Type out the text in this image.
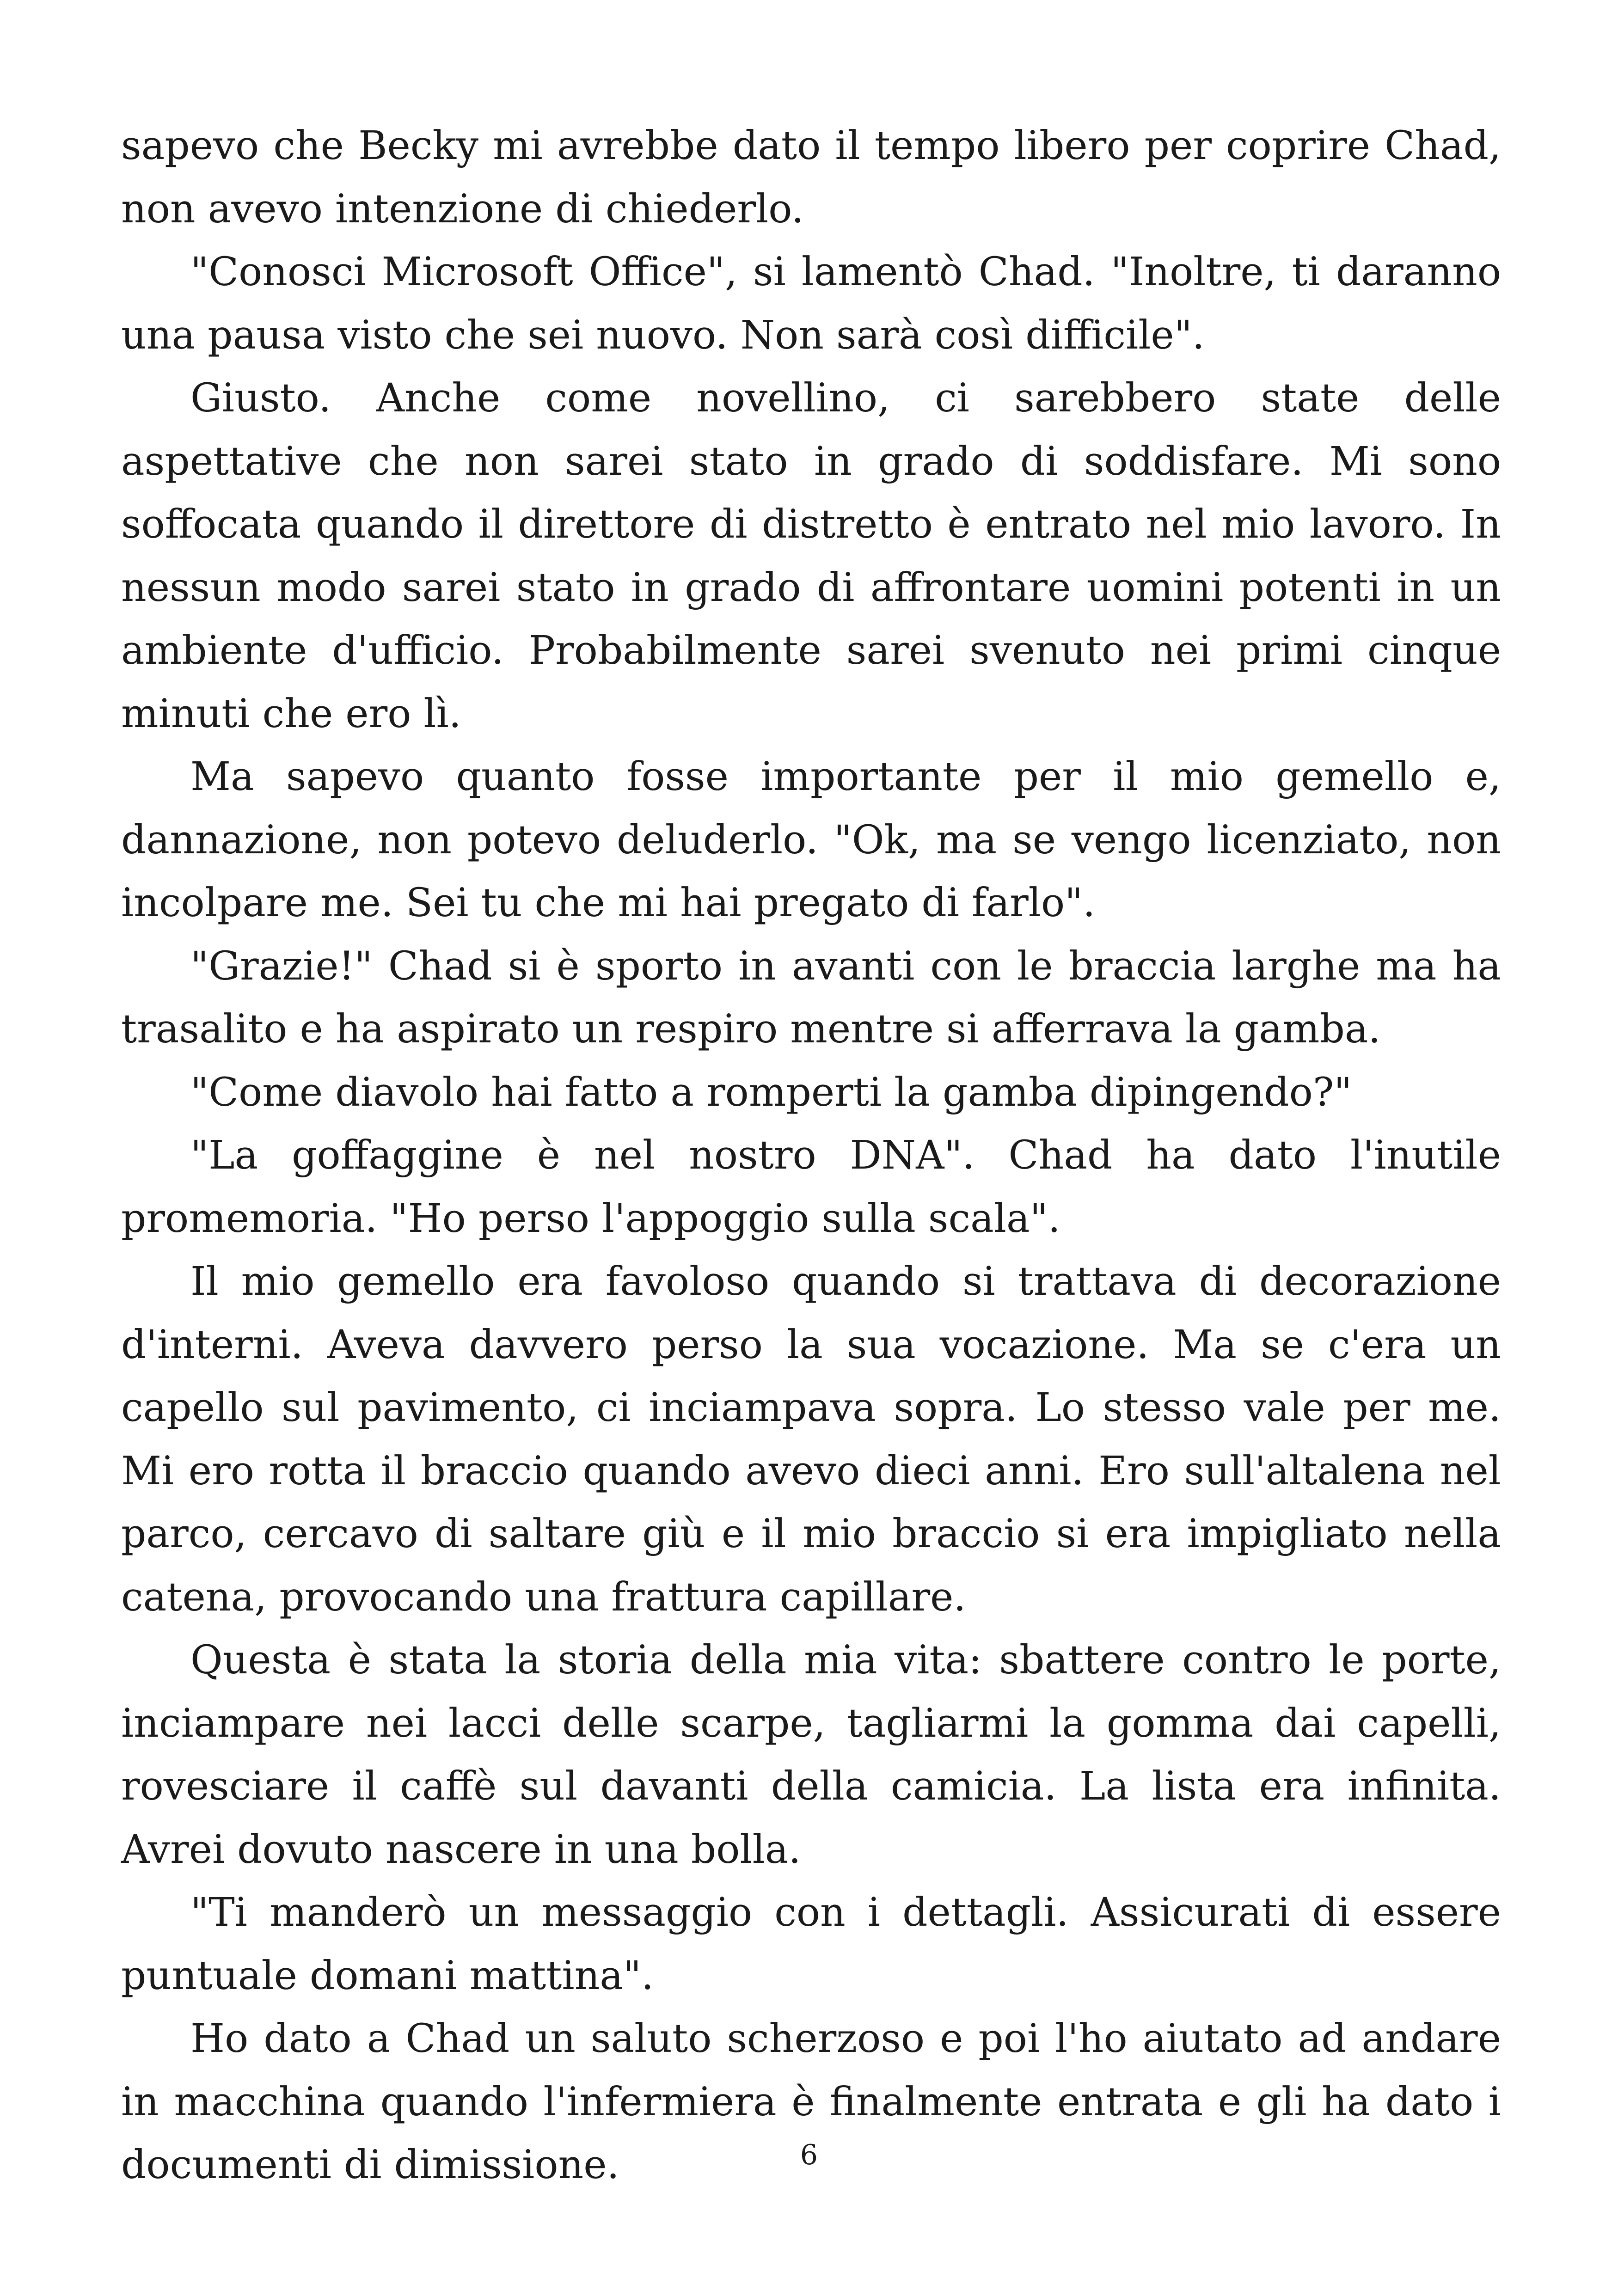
sapevo che Becky mi avrebbe dato il tempo libero per coprire Chad, non avevo intenzione di chiederlo.

"Conosci Microsoft Office", si lamentò Chad. "Inoltre, ti daranno una pausa visto che sei nuovo. Non sarà così difficile".

Giusto. Anche come novellino, ci sarebbero state delle aspettative che non sarei stato in grado di soddisfare. Mi sono soffocata quando il direttore di distretto è entrato nel mio lavoro. In nessun modo sarei stato in grado di affrontare uomini potenti in un ambiente d'ufficio. Probabilmente sarei svenuto nei primi cinque minuti che ero lì.

Ma sapevo quanto fosse importante per il mio gemello e, dannazione, non potevo deluderlo. "Ok, ma se vengo licenziato, non incolpare me. Sei tu che mi hai pregato di farlo".

"Grazie!" Chad si è sporto in avanti con le braccia larghe ma ha trasalito e ha aspirato un respiro mentre si afferrava la gamba.

"Come diavolo hai fatto a romperti la gamba dipingendo?"

"La goffaggine è nel nostro DNA". Chad ha dato l'inutile promemoria. "Ho perso l'appoggio sulla scala".

Il mio gemello era favoloso quando si trattava di decorazione d'interni. Aveva davvero perso la sua vocazione. Ma se c'era un capello sul pavimento, ci inciampava sopra. Lo stesso vale per me. Mi ero rotta il braccio quando avevo dieci anni. Ero sull'altalena nel parco, cercavo di saltare giù e il mio braccio si era impigliato nella catena, provocando una frattura capillare.

Questa è stata la storia della mia vita: sbattere contro le porte, inciampare nei lacci delle scarpe, tagliarmi la gomma dai capelli, rovesciare il caffè sul davanti della camicia. La lista era infinita. Avrei dovuto nascere in una bolla.

"Ti manderò un messaggio con i dettagli. Assicurati di essere puntuale domani mattina".

Ho dato a Chad un saluto scherzoso e poi l'ho aiutato ad andare in macchina quando l'infermiera è finalmente entrata e gli ha dato i documenti di dimissione.	6
